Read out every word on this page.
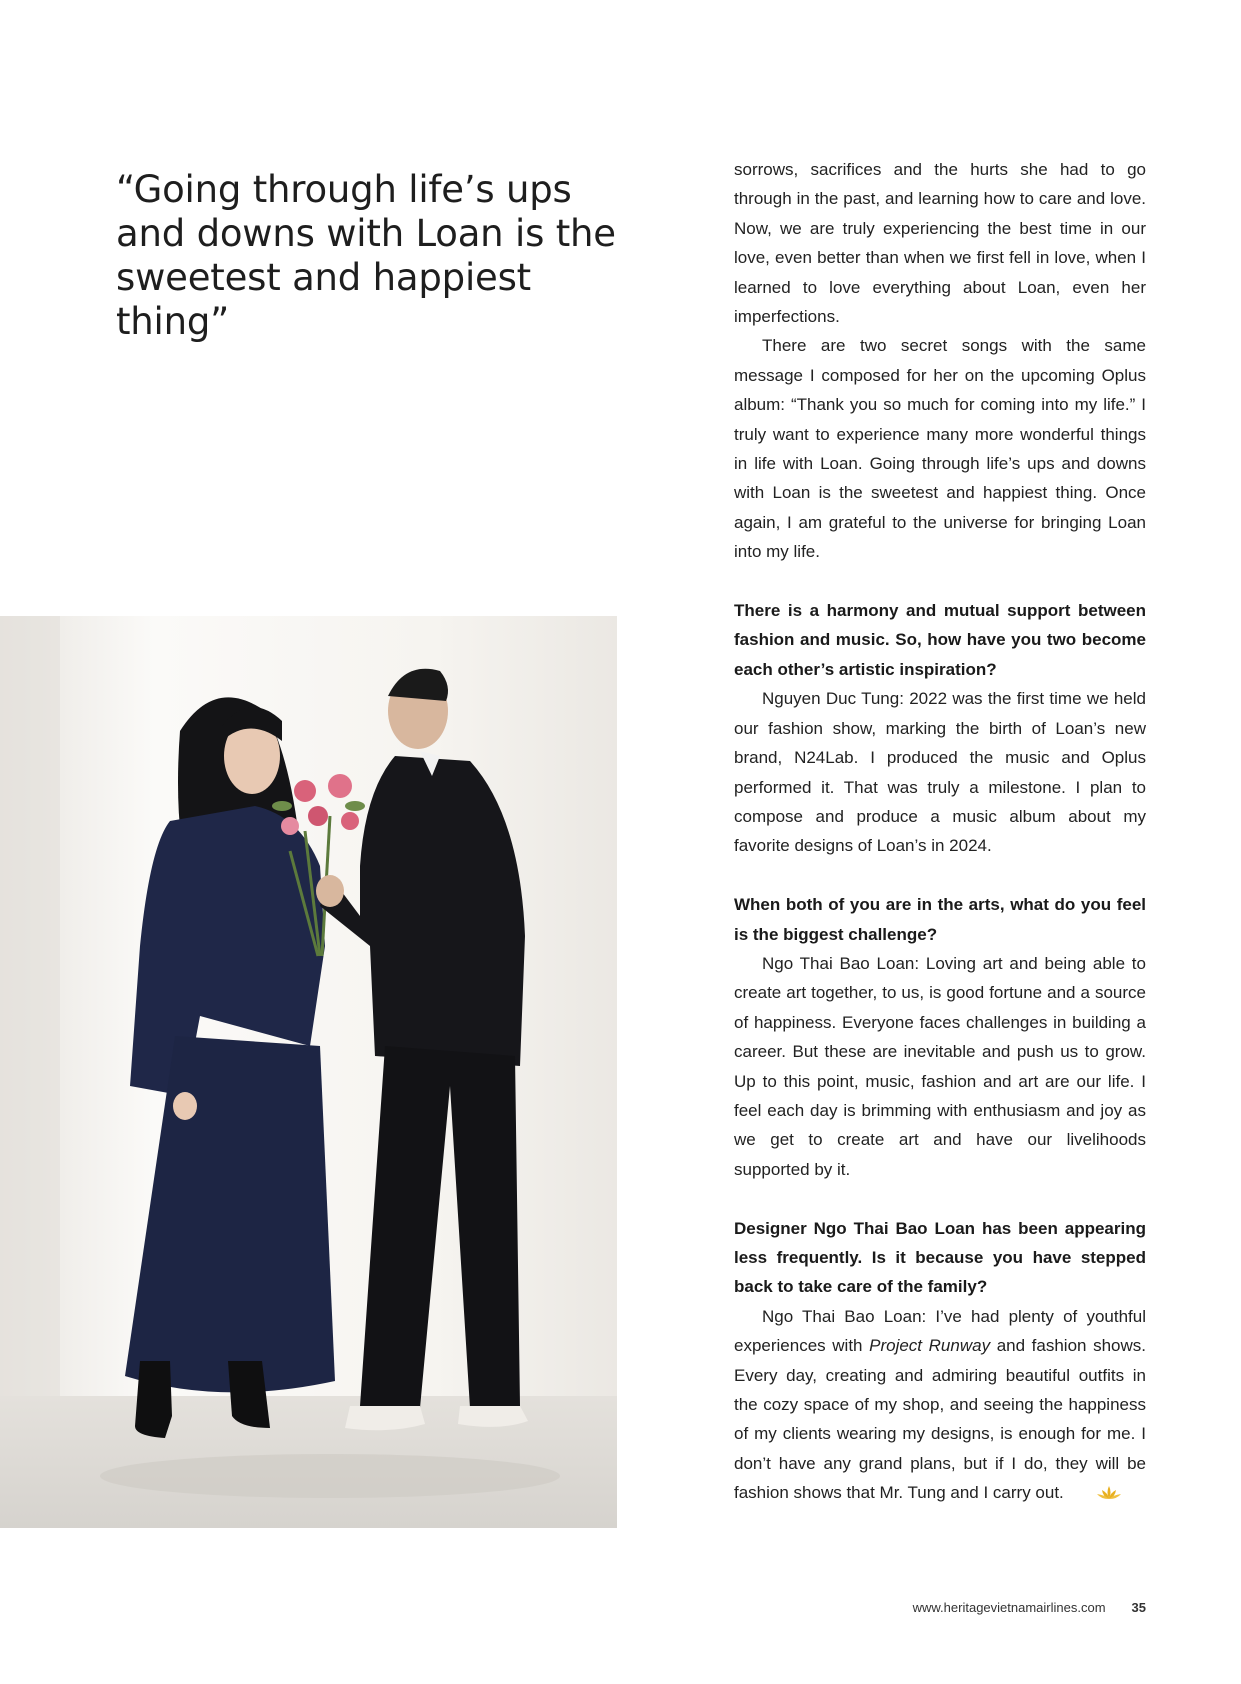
“Going through life’s ups and downs with Loan is the sweetest and happiest thing”

sorrows, sacrifices and the hurts she had to go through in the past, and learning how to care and love. Now, we are truly experiencing the best time in our love, even better than when we first fell in love, when I learned to love everything about Loan, even her imperfections.

There are two secret songs with the same message I composed for her on the upcoming Oplus album: “Thank you so much for coming into my life.” I truly want to experience many more wonderful things in life with Loan. Going through life’s ups and downs with Loan is the sweetest and happiest thing. Once again, I am grateful to the universe for bringing Loan into my life.

There is a harmony and mutual support between fashion and music. So, how have you two become each other’s artistic inspiration?

Nguyen Duc Tung: 2022 was the first time we held our fashion show, marking the birth of Loan’s new brand, N24Lab. I produced the music and Oplus performed it. That was truly a milestone. I plan to compose and produce a music album about my favorite designs of Loan’s in 2024.

When both of you are in the arts, what do you feel is the biggest challenge?

Ngo Thai Bao Loan: Loving art and being able to create art together, to us, is good fortune and a source of happiness. Everyone faces challenges in building a career. But these are inevitable and push us to grow. Up to this point, music, fashion and art are our life. I feel each day is brimming with enthusiasm and joy as we get to create art and have our livelihoods supported by it.

Designer Ngo Thai Bao Loan has been appearing less frequently. Is it because you have stepped back to take care of the family?

Ngo Thai Bao Loan: I’ve had plenty of youthful experiences with Project Runway and fashion shows. Every day, creating and admiring beautiful outfits in the cozy space of my shop, and seeing the happiness of my clients wearing my designs, is enough for me. I don’t have any grand plans, but if I do, they will be fashion shows that Mr. Tung and I carry out.

www.heritagevietnamairlines.com 35
